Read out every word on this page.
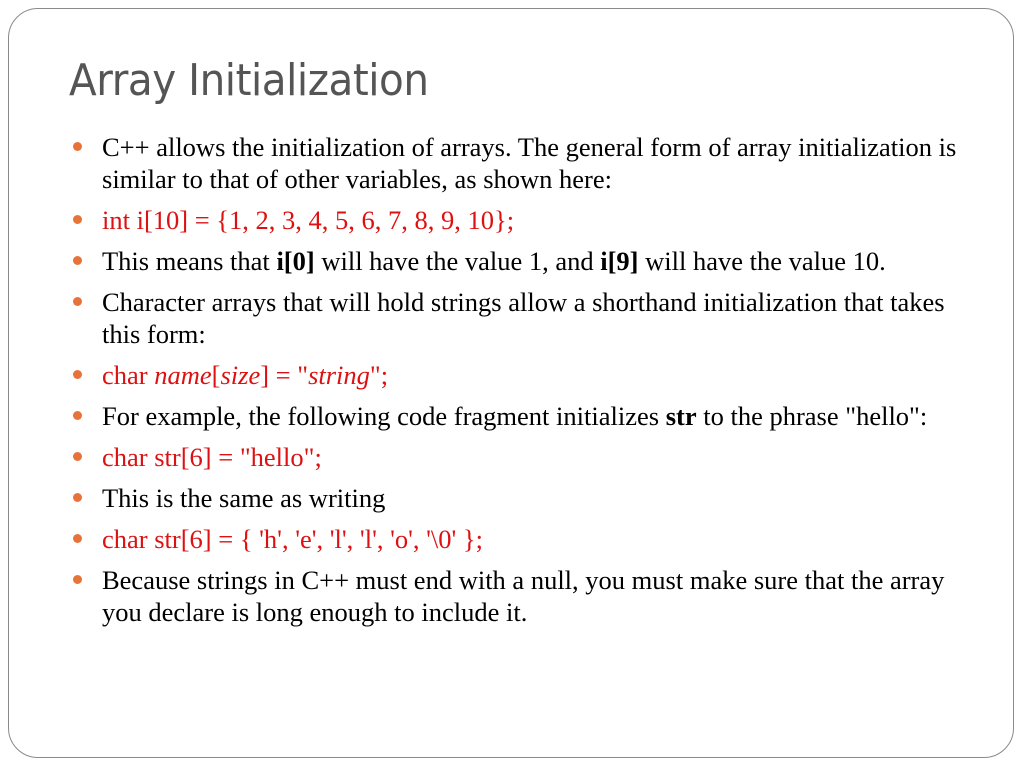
Array Initialization
C++ allows the initialization of arrays. The general form of array initialization is similar to that of other variables, as shown here:
int i[10] = {1, 2, 3, 4, 5, 6, 7, 8, 9, 10};
This means that i[0] will have the value 1, and i[9] will have the value 10.
Character arrays that will hold strings allow a shorthand initialization that takes this form:
char name[size] = "string";
For example, the following code fragment initializes str to the phrase "hello":
char str[6] = "hello";
This is the same as writing
char str[6] = { 'h', 'e', 'l', 'l', 'o', '\0' };
Because strings in C++ must end with a null, you must make sure that the array you declare is long enough to include it.
